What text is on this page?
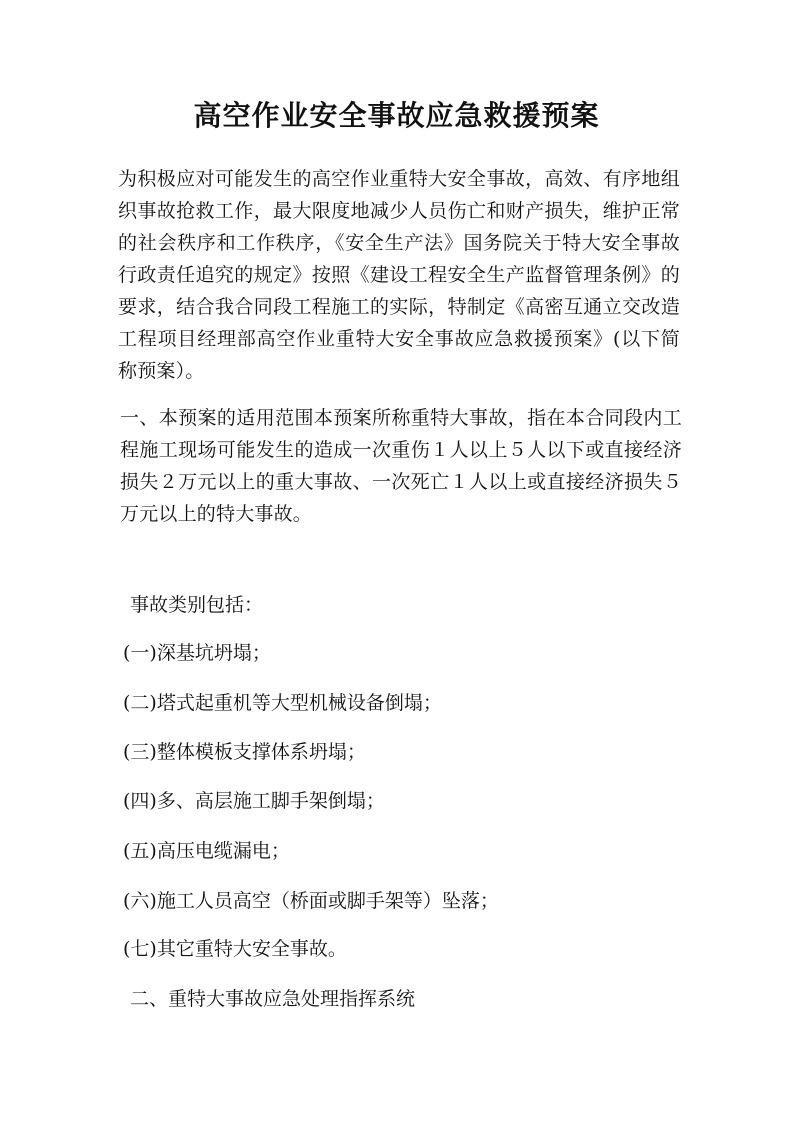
高空作业安全事故应急救援预案

为积极应对可能发生的高空作业重特大安全事故，高效、有序地组织事故抢救工作，最大限度地减少人员伤亡和财产损失，维护正常的社会秩序和工作秩序，《安全生产法》国务院关于特大安全事故行政责任追究的规定》按照《建设工程安全生产监督管理条例》的要求，结合我合同段工程施工的实际，特制定《高密互通立交改造工程项目经理部高空作业重特大安全事故应急救援预案》(以下简称预案）。

一、本预案的适用范围本预案所称重特大事故，指在本合同段内工程施工现场可能发生的造成一次重伤１人以上５人以下或直接经济损失２万元以上的重大事故、一次死亡１人以上或直接经济损失５万元以上的特大事故。

事故类别包括：
(一)深基坑坍塌；
(二)塔式起重机等大型机械设备倒塌；
(三)整体模板支撑体系坍塌；
(四)多、高层施工脚手架倒塌；
(五)高压电缆漏电；
(六)施工人员高空（桥面或脚手架等）坠落；
(七)其它重特大安全事故。
二、重特大事故应急处理指挥系统
